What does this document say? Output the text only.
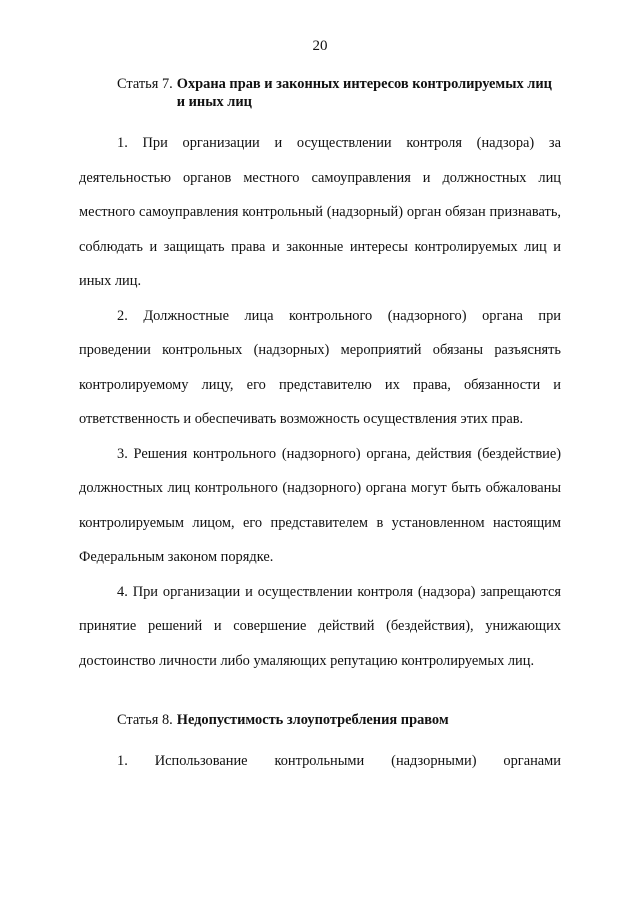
20
Статья 7. Охрана прав и законных интересов контролируемых лиц и иных лиц

1. При организации и осуществлении контроля (надзора) за деятельностью органов местного самоуправления и должностных лиц местного самоуправления контрольный (надзорный) орган обязан признавать, соблюдать и защищать права и законные интересы контролируемых лиц и иных лиц.

2. Должностные лица контрольного (надзорного) органа при проведении контрольных (надзорных) мероприятий обязаны разъяснять контролируемому лицу, его представителю их права, обязанности и ответственность и обеспечивать возможность осуществления этих прав.

3. Решения контрольного (надзорного) органа, действия (бездействие) должностных лиц контрольного (надзорного) органа могут быть обжалованы контролируемым лицом, его представителем в установленном настоящим Федеральным законом порядке.

4. При организации и осуществлении контроля (надзора) запрещаются принятие решений и совершение действий (бездействия), унижающих достоинство личности либо умаляющих репутацию контролируемых лиц.

Статья 8. Недопустимость злоупотребления правом

1. Использование контрольными (надзорными) органами
